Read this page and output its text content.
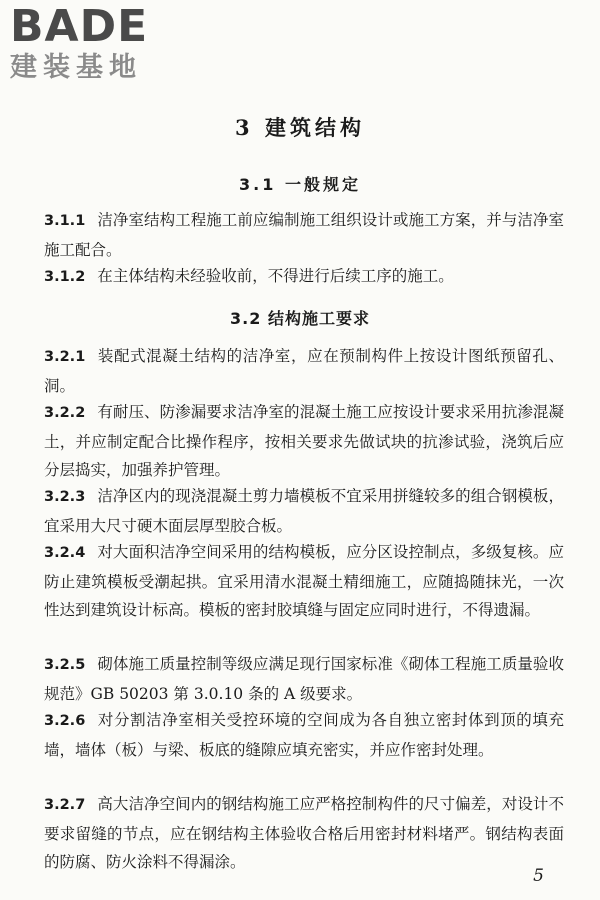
BADE
建装基地
3 建筑结构
3.1 一般规定
3.1.1 洁净室结构工程施工前应编制施工组织设计或施工方案，并与洁净室施工配合。
3.1.2 在主体结构未经验收前，不得进行后续工序的施工。
3.2 结构施工要求
3.2.1 装配式混凝土结构的洁净室，应在预制构件上按设计图纸预留孔、洞。
3.2.2 有耐压、防渗漏要求洁净室的混凝土施工应按设计要求采用抗渗混凝土，并应制定配合比操作程序，按相关要求先做试块的抗渗试验，浇筑后应分层捣实，加强养护管理。
3.2.3 洁净区内的现浇混凝土剪力墙模板不宜采用拼缝较多的组合钢模板，宜采用大尺寸硬木面层厚型胶合板。
3.2.4 对大面积洁净空间采用的结构模板，应分区设控制点，多级复核。应防止建筑模板受潮起拱。宜采用清水混凝土精细施工，应随捣随抹光，一次性达到建筑设计标高。模板的密封胶填缝与固定应同时进行，不得遗漏。
3.2.5 砌体施工质量控制等级应满足现行国家标准《砌体工程施工质量验收规范》GB 50203 第 3.0.10 条的 A 级要求。
3.2.6 对分割洁净室相关受控环境的空间成为各自独立密封体到顶的填充墙，墙体（板）与梁、板底的缝隙应填充密实，并应作密封处理。
3.2.7 高大洁净空间内的钢结构施工应严格控制构件的尺寸偏差，对设计不要求留缝的节点，应在钢结构主体验收合格后用密封材料堵严。钢结构表面的防腐、防火涂料不得漏涂。
5
